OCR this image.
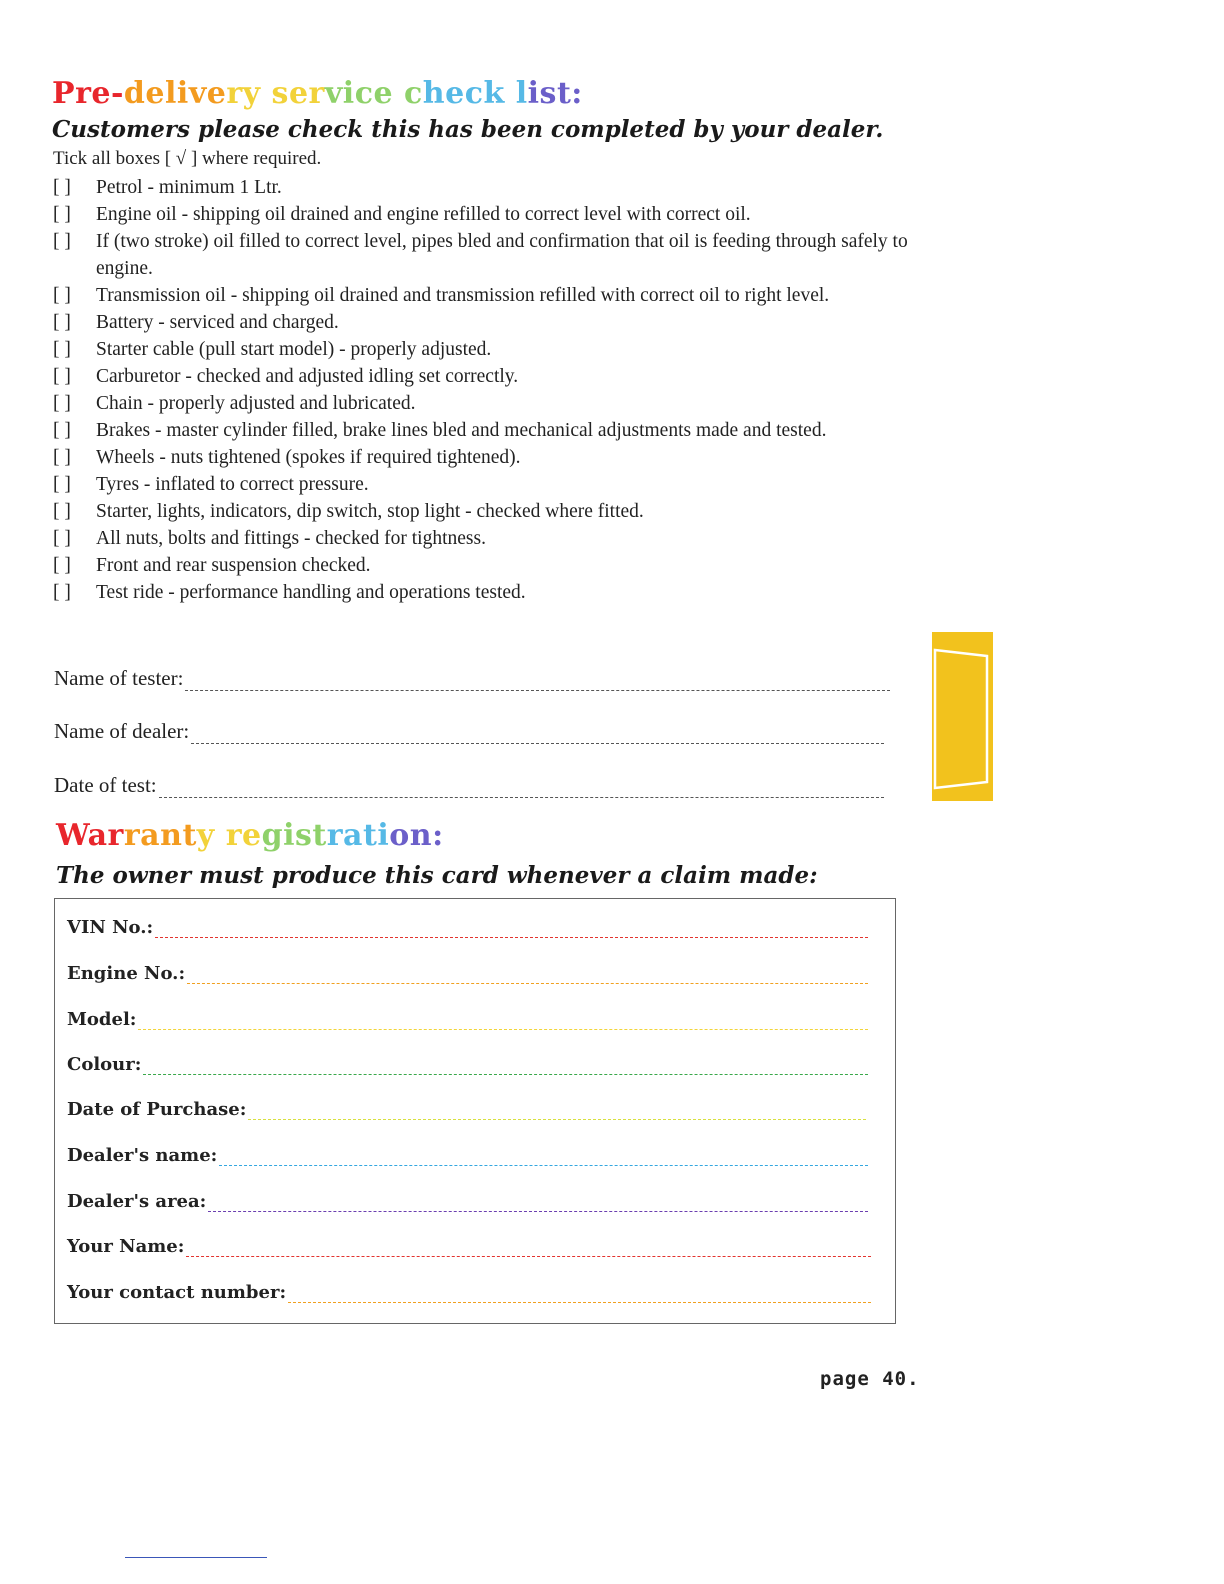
Pre-delivery service check list:
Customers please check this has been completed by your dealer.
Tick all boxes [ √ ] where required.
[ ]	Petrol - minimum 1 Ltr.
[ ]	Engine oil - shipping oil drained and engine refilled to correct level with correct oil.
[ ]	If (two stroke) oil filled to correct level, pipes bled and confirmation that oil is feeding through safely to engine.
[ ]	Transmission oil - shipping oil drained and transmission refilled with correct oil to right level.
[ ]	Battery - serviced and charged.
[ ]	Starter cable (pull start model) - properly adjusted.
[ ]	Carburetor - checked and adjusted idling set correctly.
[ ]	Chain - properly adjusted and lubricated.
[ ]	Brakes - master cylinder filled, brake lines bled and mechanical adjustments made and tested.
[ ]	Wheels - nuts tightened (spokes if required tightened).
[ ]	Tyres - inflated to correct pressure.
[ ]	Starter, lights, indicators, dip switch, stop light - checked where fitted.
[ ]	All nuts, bolts and fittings - checked for tightness.
[ ]	Front and rear suspension checked.
[ ]	Test ride - performance handling and operations tested.
Name of tester:
Name of dealer:
Date of test:
Warranty registration:
The owner must produce this card whenever a claim made:
VIN No.:
Engine No.:
Model:
Colour:
Date of Purchase:
Dealer's name:
Dealer's area:
Your Name:
Your contact number:
kazuma
page 40.
